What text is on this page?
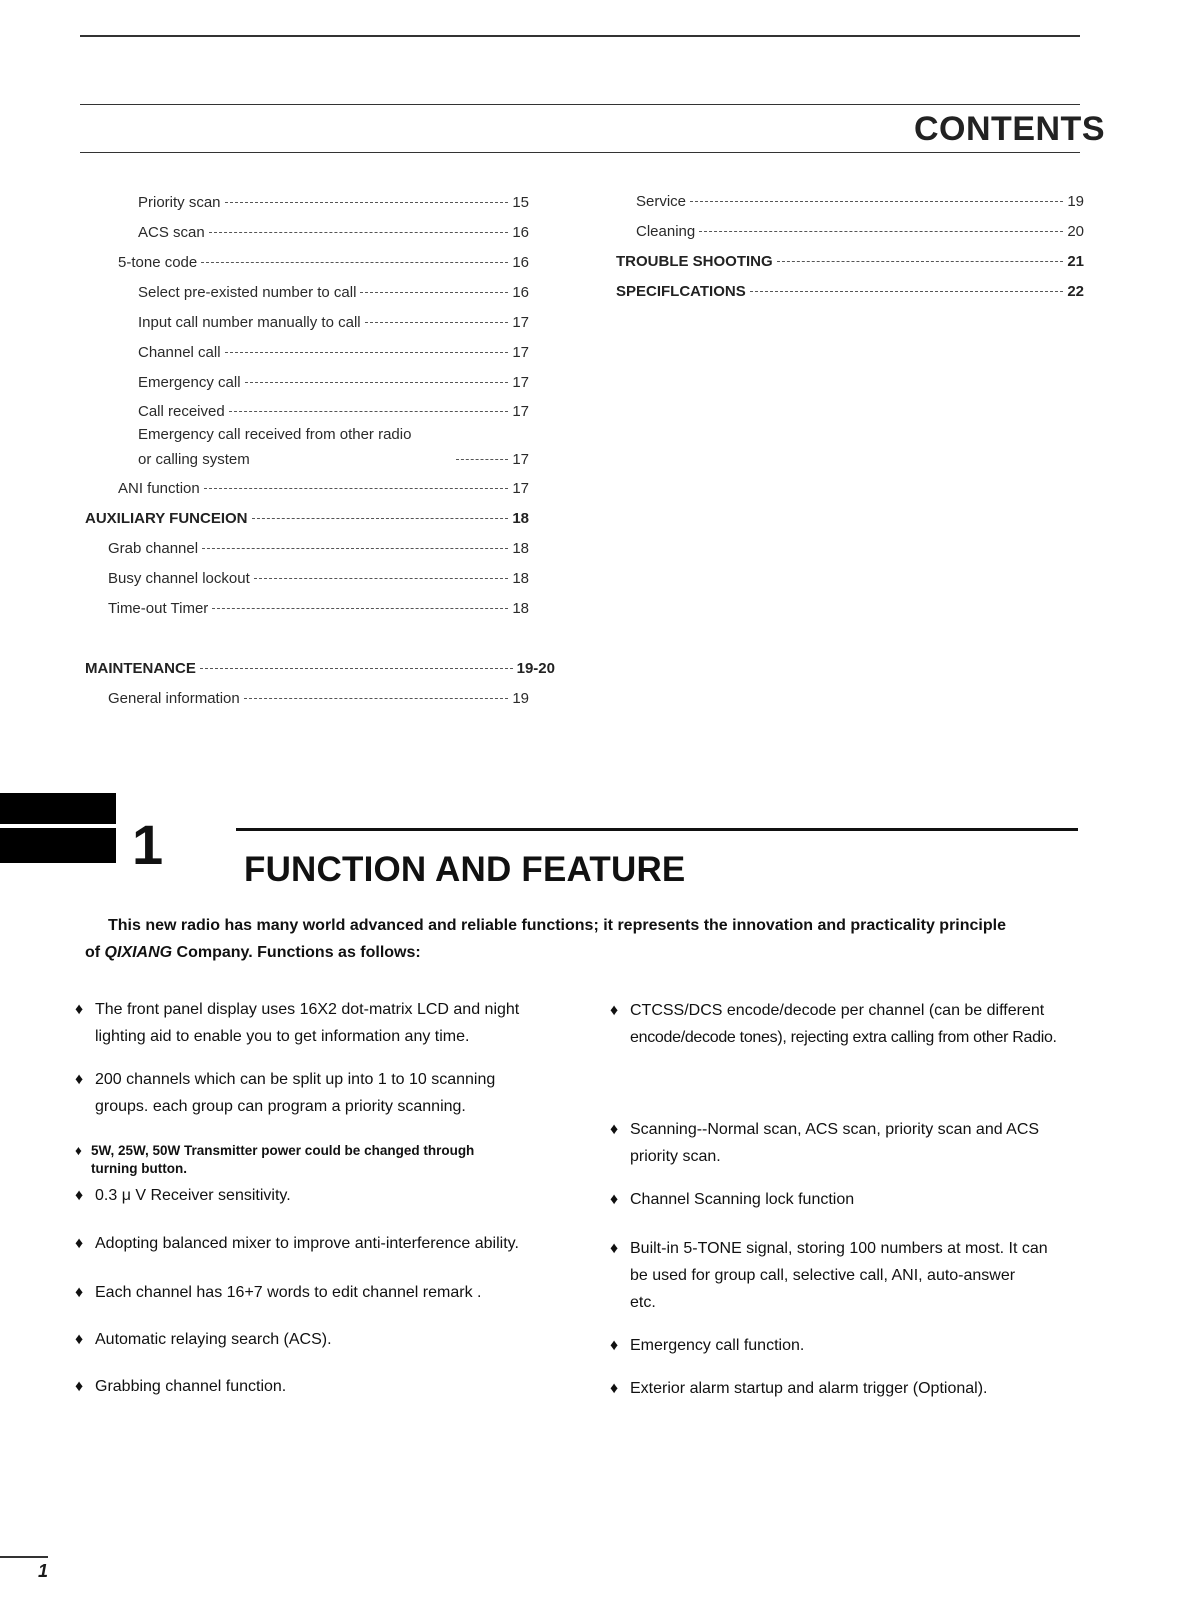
CONTENTS
Priority scan	15
ACS scan	16
5-tone code	16
Select pre-existed number to call	16
Input call number manually to call	17
Channel call	17
Emergency call	17
Call received	17
Emergency call received from other radio
or calling system	17
ANI function	17
AUXILIARY FUNCEION	18
Grab channel	18
Busy channel lockout	18
Time-out Timer	18
MAINTENANCE	19-20
General information	19
Service	19
Cleaning	20
TROUBLE SHOOTING	21
SPECIFLCATIONS	22
1 FUNCTION AND FEATURE
This new radio has many world advanced and reliable functions; it represents the innovation and practicality principle
of QIXIANG Company. Functions as follows:
♦ The front panel display uses 16X2 dot-matrix LCD and night
lighting aid to enable you to get information any time.
♦ 200 channels which can be split up into 1 to 10 scanning
groups. each group can program a priority scanning.
♦ 5W, 25W, 50W Transmitter power could be changed through
turning button.
♦ 0.3 μ V Receiver sensitivity.
♦ Adopting balanced mixer to improve anti-interference ability.
♦ Each channel has 16+7 words to edit channel remark .
♦ Automatic relaying search (ACS).
♦ Grabbing channel function.
♦ CTCSS/DCS encode/decode per channel (can be different
encode/decode tones), rejecting extra calling from other Radio.
♦ Scanning--Normal scan, ACS scan, priority scan and ACS
priority scan.
♦ Channel Scanning lock function
♦ Built-in 5-TONE signal, storing 100 numbers at most. It can
be used for group call, selective call, ANI, auto-answer
etc.
♦ Emergency call function.
♦ Exterior alarm startup and alarm trigger (Optional).
1
